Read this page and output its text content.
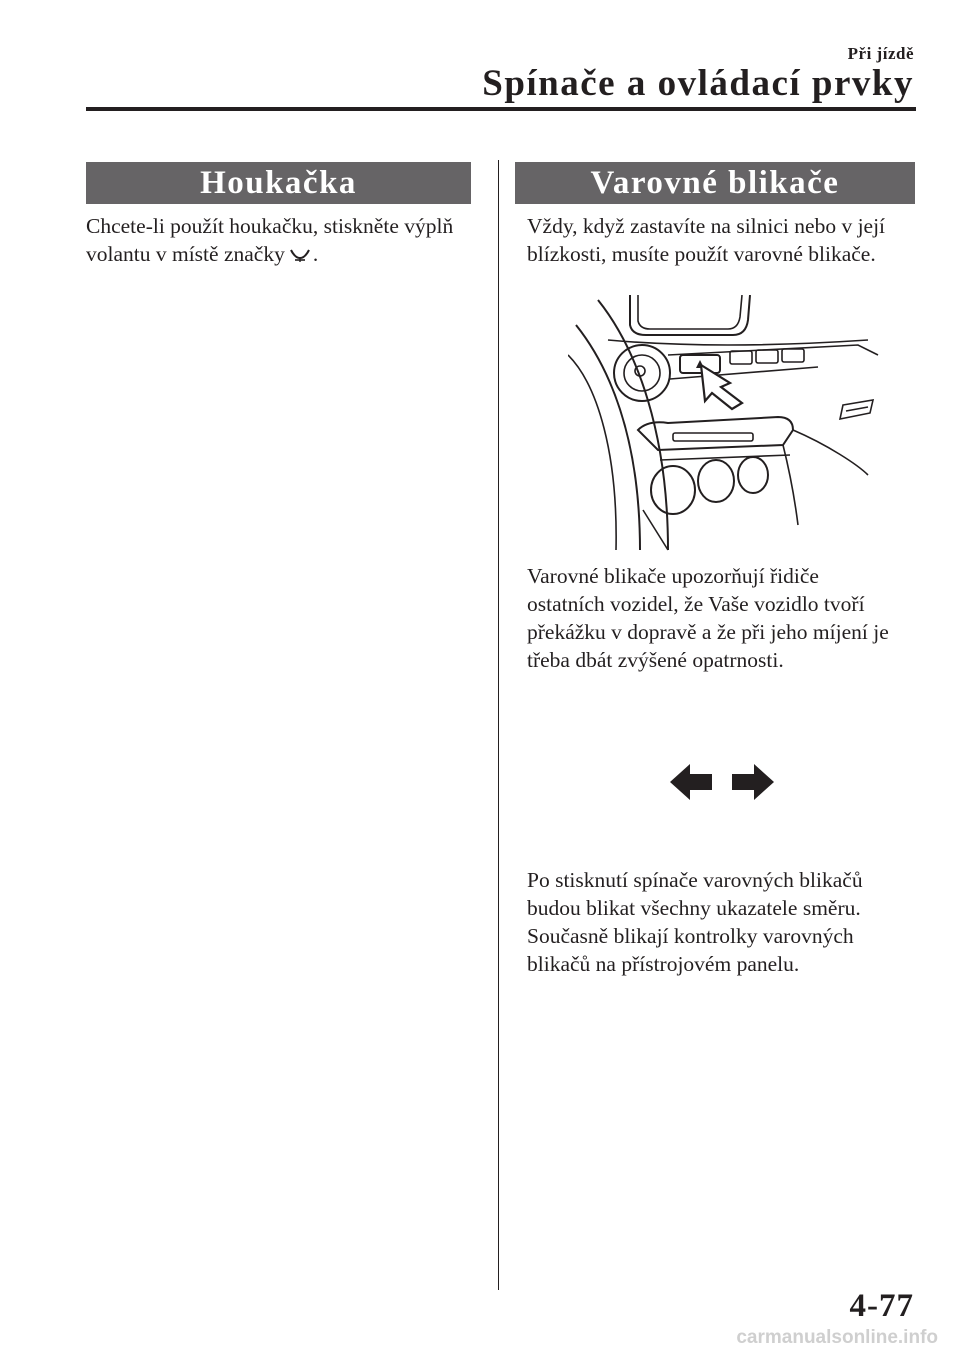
Při jízdě
Spínače a ovládací prvky
Houkačka

Chcete-li použít houkačku, stiskněte výplň
volantu v místě značky .

Varovné blikače

Vždy, když zastavíte na silnici nebo v její
blízkosti, musíte použít varovné blikače.

Varovné blikače upozorňují řidiče
ostatních vozidel, že Vaše vozidlo tvoří
překážku v dopravě a že při jeho míjení je
třeba dbát zvýšené opatrnosti.

Po stisknutí spínače varovných blikačů
budou blikat všechny ukazatele směru.
Současně blikají kontrolky varovných
blikačů na přístrojovém panelu.

4-77
carmanualsonline.info
